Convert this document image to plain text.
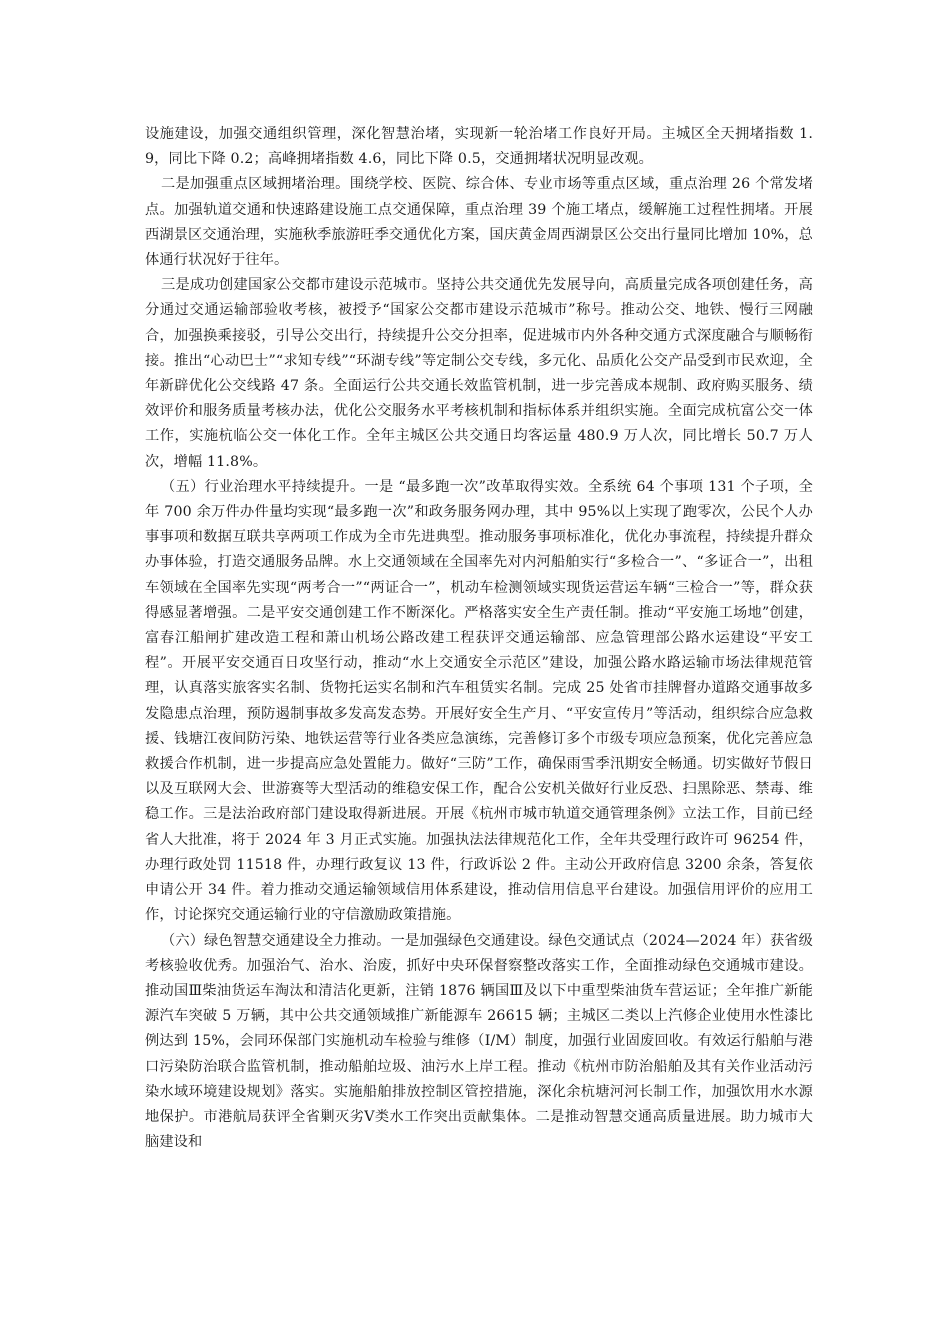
设施建设，加强交通组织管理，深化智慧治堵，实现新一轮治堵工作良好开局。主城区全天拥堵指数 1.9，同比下降 0.2；高峰拥堵指数 4.6，同比下降 0.5，交通拥堵状况明显改观。

二是加强重点区域拥堵治理。围绕学校、医院、综合体、专业市场等重点区域，重点治理 26 个常发堵点。加强轨道交通和快速路建设施工点交通保障，重点治理 39 个施工堵点，缓解施工过程性拥堵。开展西湖景区交通治理，实施秋季旅游旺季交通优化方案，国庆黄金周西湖景区公交出行量同比增加 10%，总体通行状况好于往年。

三是成功创建国家公交都市建设示范城市。坚持公共交通优先发展导向，高质量完成各项创建任务，高分通过交通运输部验收考核，被授予“国家公交都市建设示范城市”称号。推动公交、地铁、慢行三网融合，加强换乘接驳，引导公交出行，持续提升公交分担率，促进城市内外各种交通方式深度融合与顺畅衔接。推出“心动巴士”“求知专线”“环湖专线”等定制公交专线，多元化、品质化公交产品受到市民欢迎，全年新辟优化公交线路 47 条。全面运行公共交通长效监管机制，进一步完善成本规制、政府购买服务、绩效评价和服务质量考核办法，优化公交服务水平考核机制和指标体系并组织实施。全面完成杭富公交一体工作，实施杭临公交一体化工作。全年主城区公共交通日均客运量 480.9 万人次，同比增长 50.7 万人次，增幅 11.8%。

（五）行业治理水平持续提升。一是 “最多跑一次”改革取得实效。全系统 64 个事项 131 个子项，全年 700 余万件办件量均实现“最多跑一次”和政务服务网办理，其中 95%以上实现了跑零次，公民个人办事事项和数据互联共享两项工作成为全市先进典型。推动服务事项标准化，优化办事流程，持续提升群众办事体验，打造交通服务品牌。水上交通领域在全国率先对内河船舶实行“多检合一”、“多证合一”，出租车领域在全国率先实现“两考合一”“两证合一”，机动车检测领域实现货运营运车辆“三检合一”等，群众获得感显著增强。二是平安交通创建工作不断深化。严格落实安全生产责任制。推动“平安施工场地”创建，富春江船闸扩建改造工程和萧山机场公路改建工程获评交通运输部、应急管理部公路水运建设“平安工程”。开展平安交通百日攻坚行动，推动“水上交通安全示范区”建设，加强公路水路运输市场法律规范管理，认真落实旅客实名制、货物托运实名制和汽车租赁实名制。完成 25 处省市挂牌督办道路交通事故多发隐患点治理，预防遏制事故多发高发态势。开展好安全生产月、“平安宣传月”等活动，组织综合应急救援、钱塘江夜间防污染、地铁运营等行业各类应急演练，完善修订多个市级专项应急预案，优化完善应急救援合作机制，进一步提高应急处置能力。做好“三防”工作，确保雨雪季汛期安全畅通。切实做好节假日以及互联网大会、世游赛等大型活动的维稳安保工作，配合公安机关做好行业反恐、扫黑除恶、禁毒、维稳工作。三是法治政府部门建设取得新进展。开展《杭州市城市轨道交通管理条例》立法工作，目前已经省人大批准，将于 2024 年 3 月正式实施。加强执法法律规范化工作，全年共受理行政许可 96254 件，办理行政处罚 11518 件，办理行政复议 13 件，行政诉讼 2 件。主动公开政府信息 3200 余条，答复依申请公开 34 件。着力推动交通运输领域信用体系建设，推动信用信息平台建设。加强信用评价的应用工作，讨论探究交通运输行业的守信激励政策措施。

（六）绿色智慧交通建设全力推动。一是加强绿色交通建设。绿色交通试点（2024—2024 年）获省级考核验收优秀。加强治气、治水、治废，抓好中央环保督察整改落实工作，全面推动绿色交通城市建设。推动国Ⅲ柴油货运车淘汰和清洁化更新，注销 1876 辆国Ⅲ及以下中重型柴油货车营运证；全年推广新能源汽车突破 5 万辆，其中公共交通领域推广新能源车 26615 辆；主城区二类以上汽修企业使用水性漆比例达到 15%，会同环保部门实施机动车检验与维修（I/M）制度，加强行业固废回收。有效运行船舶与港口污染防治联合监管机制，推动船舶垃圾、油污水上岸工程。推动《杭州市防治船舶及其有关作业活动污染水域环境建设规划》落实。实施船舶排放控制区管控措施，深化余杭塘河河长制工作，加强饮用水水源地保护。市港航局获评全省剿灭劣Ⅴ类水工作突出贡献集体。二是推动智慧交通高质量进展。助力城市大脑建设和
